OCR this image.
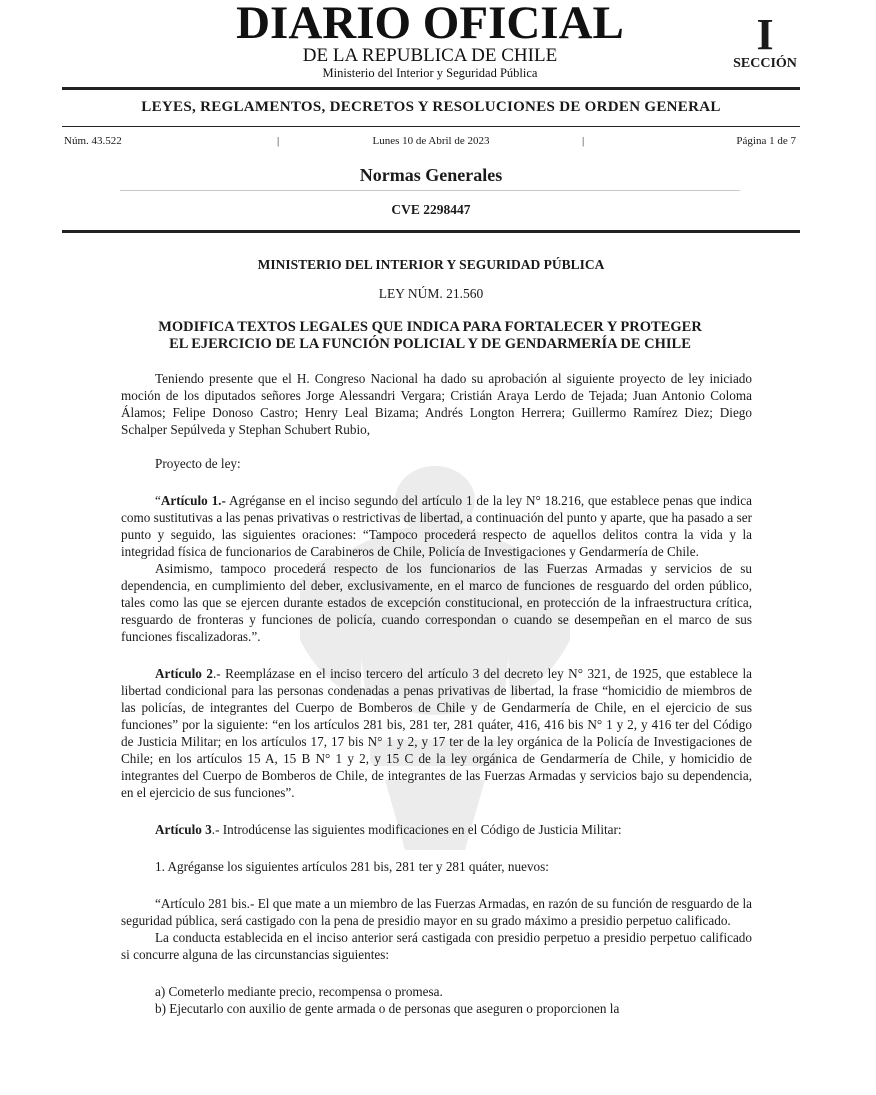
DIARIO OFICIAL
DE LA REPUBLICA DE CHILE
Ministerio del Interior y Seguridad Pública
I
SECCIÓN
LEYES, REGLAMENTOS, DECRETOS Y RESOLUCIONES DE ORDEN GENERAL
Núm. 43.522	|	Lunes 10 de Abril de 2023	|	Página 1 de 7
Normas Generales
CVE 2298447
MINISTERIO DEL INTERIOR Y SEGURIDAD PÚBLICA
LEY NÚM. 21.560
MODIFICA TEXTOS LEGALES QUE INDICA PARA FORTALECER Y PROTEGER
EL EJERCICIO DE LA FUNCIÓN POLICIAL Y DE GENDARMERÍA DE CHILE

Teniendo presente que el H. Congreso Nacional ha dado su aprobación al siguiente proyecto de ley iniciado moción de los diputados señores Jorge Alessandri Vergara; Cristián Araya Lerdo de Tejada; Juan Antonio Coloma Álamos; Felipe Donoso Castro; Henry Leal Bizama; Andrés Longton Herrera; Guillermo Ramírez Diez; Diego Schalper Sepúlveda y Stephan Schubert Rubio,

Proyecto de ley:

“Artículo 1.- Agréganse en el inciso segundo del artículo 1 de la ley N° 18.216, que establece penas que indica como sustitutivas a las penas privativas o restrictivas de libertad, a continuación del punto y aparte, que ha pasado a ser punto y seguido, las siguientes oraciones: “Tampoco procederá respecto de aquellos delitos contra la vida y la integridad física de funcionarios de Carabineros de Chile, Policía de Investigaciones y Gendarmería de Chile.

Asimismo, tampoco procederá respecto de los funcionarios de las Fuerzas Armadas y servicios de su dependencia, en cumplimiento del deber, exclusivamente, en el marco de funciones de resguardo del orden público, tales como las que se ejercen durante estados de excepción constitucional, en protección de la infraestructura crítica, resguardo de fronteras y funciones de policía, cuando correspondan o cuando se desempeñan en el marco de sus funciones fiscalizadoras.”.

Artículo 2.- Reemplázase en el inciso tercero del artículo 3 del decreto ley N° 321, de 1925, que establece la libertad condicional para las personas condenadas a penas privativas de libertad, la frase “homicidio de miembros de las policías, de integrantes del Cuerpo de Bomberos de Chile y de Gendarmería de Chile, en el ejercicio de sus funciones” por la siguiente: “en los artículos 281 bis, 281 ter, 281 quáter, 416, 416 bis N° 1 y 2, y 416 ter del Código de Justicia Militar; en los artículos 17, 17 bis N° 1 y 2, y 17 ter de la ley orgánica de la Policía de Investigaciones de Chile; en los artículos 15 A, 15 B N° 1 y 2, y 15 C de la ley orgánica de Gendarmería de Chile, y homicidio de integrantes del Cuerpo de Bomberos de Chile, de integrantes de las Fuerzas Armadas y servicios bajo su dependencia, en el ejercicio de sus funciones”.

Artículo 3.- Introdúcense las siguientes modificaciones en el Código de Justicia Militar:

1. Agréganse los siguientes artículos 281 bis, 281 ter y 281 quáter, nuevos:

“Artículo 281 bis.- El que mate a un miembro de las Fuerzas Armadas, en razón de su función de resguardo de la seguridad pública, será castigado con la pena de presidio mayor en su grado máximo a presidio perpetuo calificado.

La conducta establecida en el inciso anterior será castigada con presidio perpetuo a presidio perpetuo calificado si concurre alguna de las circunstancias siguientes:

a) Cometerlo mediante precio, recompensa o promesa.

b) Ejecutarlo con auxilio de gente armada o de personas que aseguren o proporcionen la
